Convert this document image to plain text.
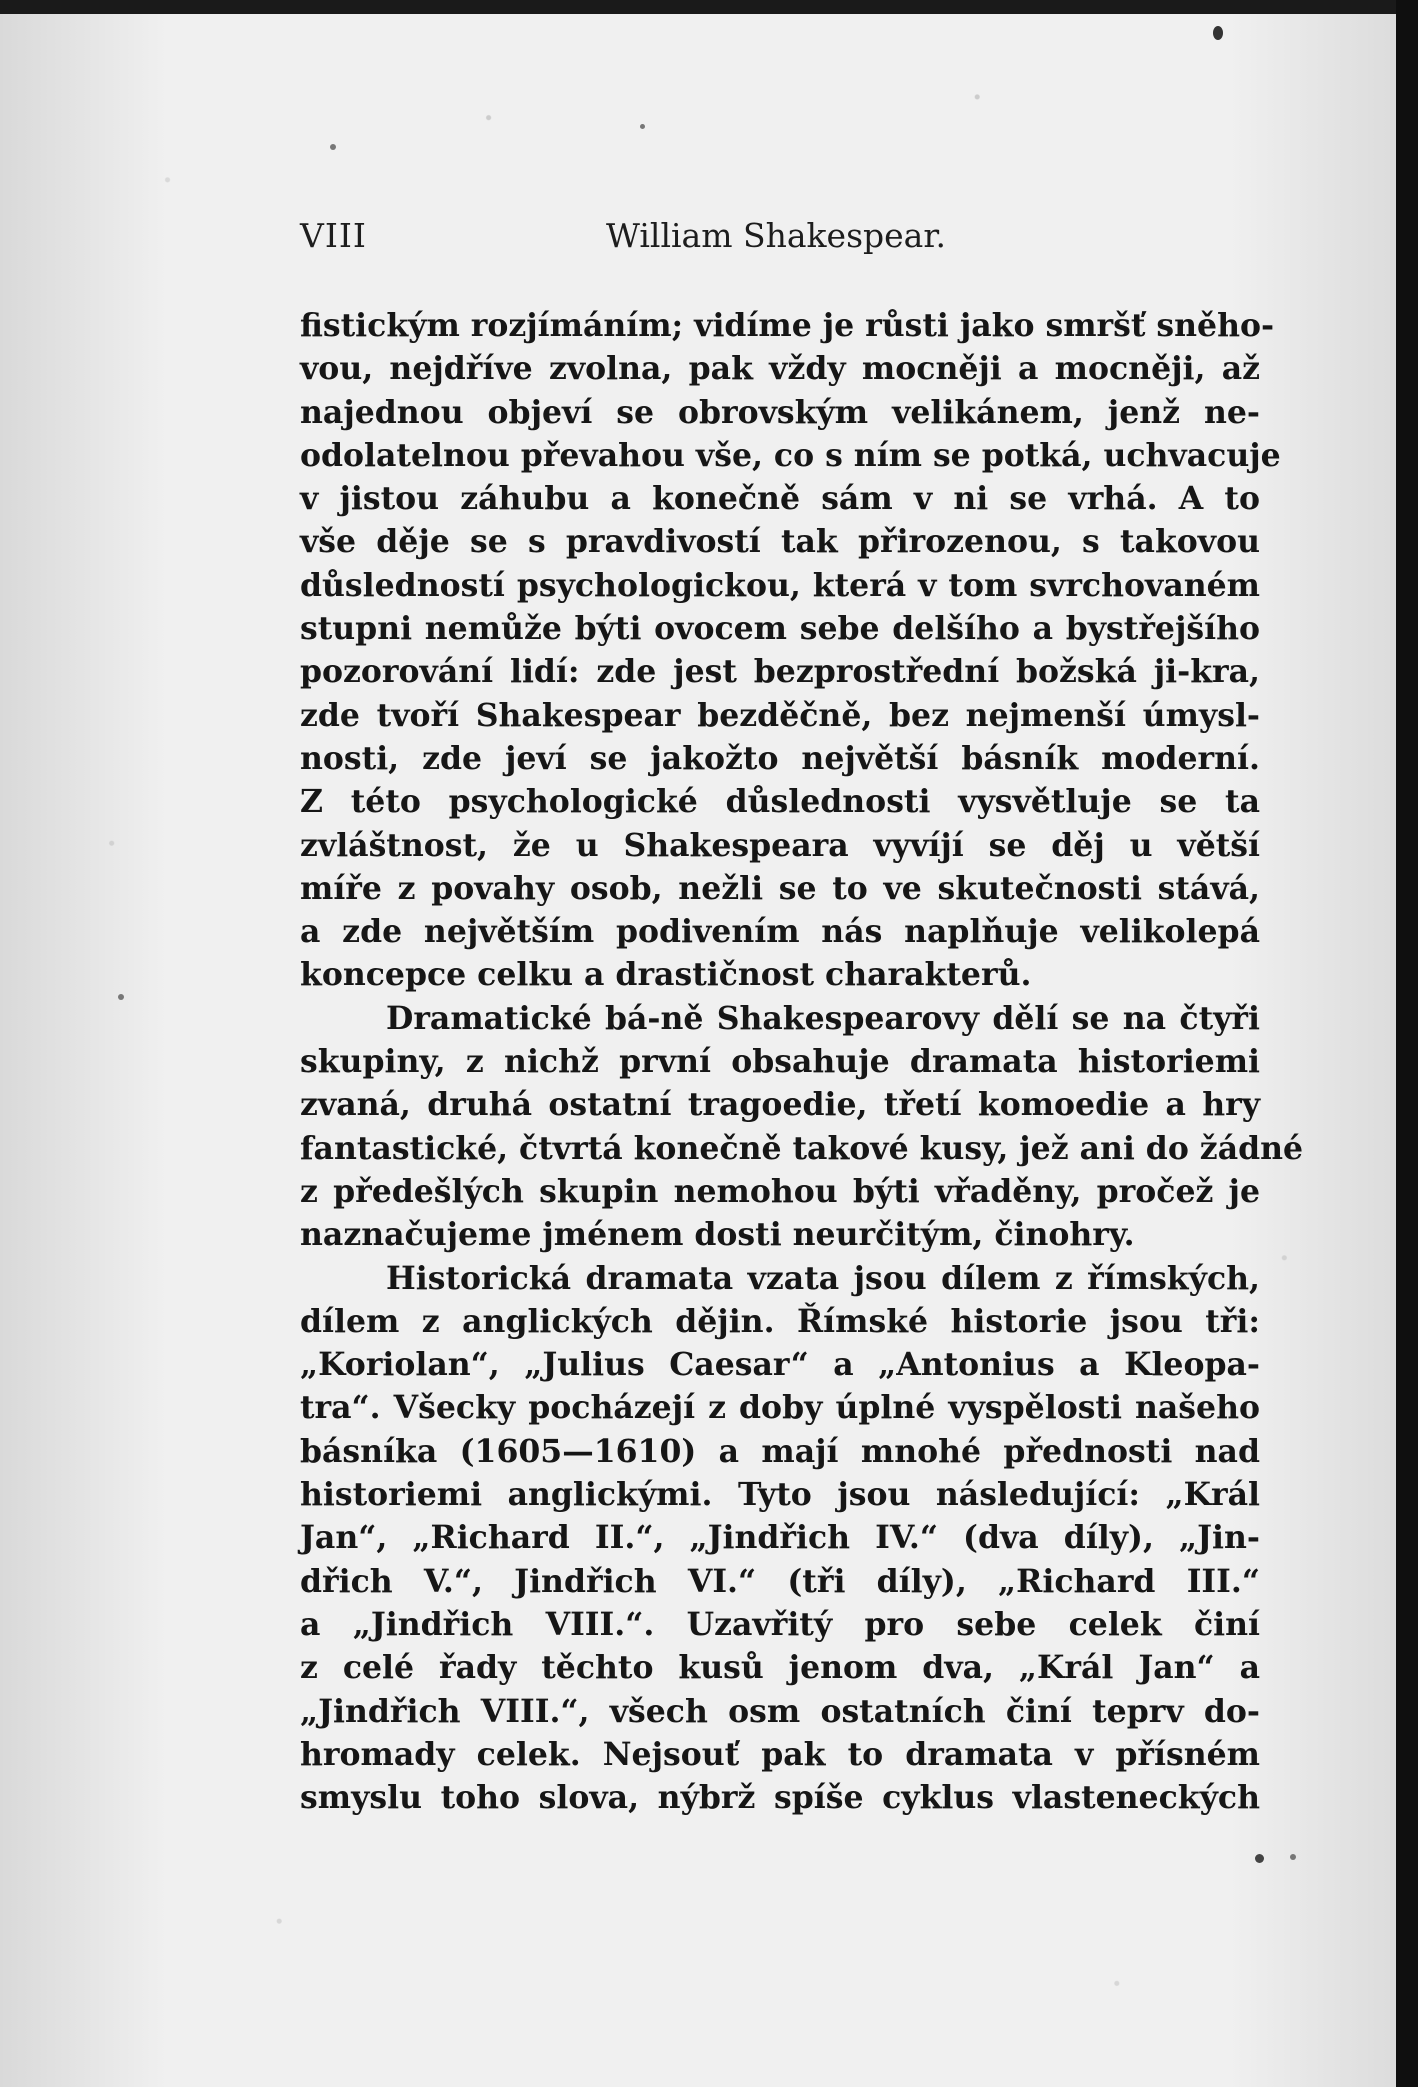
VIII	William Shakespear.

fistickým rozjímáním; vidíme je růsti jako smršť sněho-
vou, nejdříve zvolna, pak vždy mocněji a mocněji, až
najednou objeví se obrovským velikánem, jenž ne-
odolatelnou převahou vše, co s ním se potká, uchvacuje
v jistou záhubu a konečně sám v ni se vrhá. A to
vše děje se s pravdivostí tak přirozenou, s takovou
důsledností psychologickou, která v tom svrchovaném
stupni nemůže býti ovocem sebe delšího a bystřejšího
pozorování lidí: zde jest bezprostřední božská ji-kra,
zde tvoří Shakespear bezděčně, bez nejmenší úmysl-
nosti, zde jeví se jakožto největší básník moderní.
Z této psychologické důslednosti vysvětluje se ta
zvláštnost, že u Shakespeara vyvíjí se děj u větší
míře z povahy osob, nežli se to ve skutečnosti stává,
a zde největším podivením nás naplňuje velikolepá
koncepce celku a drastičnost charakterů.

Dramatické bá-ně Shakespearovy dělí se na čtyři
skupiny, z nichž první obsahuje dramata historiemi
zvaná, druhá ostatní tragoedie, třetí komoedie a hry
fantastické, čtvrtá konečně takové kusy, jež ani do žádné
z předešlých skupin nemohou býti vřaděny, pročež je
naznačujeme jménem dosti neurčitým, činohry.

Historická dramata vzata jsou dílem z římských,
dílem z anglických dějin. Římské historie jsou tři:
„Koriolan“, „Julius Caesar“ a „Antonius a Kleopa-
tra“. Všecky pocházejí z doby úplné vyspělosti našeho
básníka (1605—1610) a mají mnohé přednosti nad
historiemi anglickými. Tyto jsou následující: „Král
Jan“, „Richard II.“, „Jindřich IV.“ (dva díly), „Jin-
dřich V.“, Jindřich VI.“ (tři díly), „Richard III.“
a „Jindřich VIII.“. Uzavřitý pro sebe celek činí
z celé řady těchto kusů jenom dva, „Král Jan“ a
„Jindřich VIII.“, všech osm ostatních činí teprv do-
hromady celek. Nejsouť pak to dramata v přísném
smyslu toho slova, nýbrž spíše cyklus vlasteneckých
